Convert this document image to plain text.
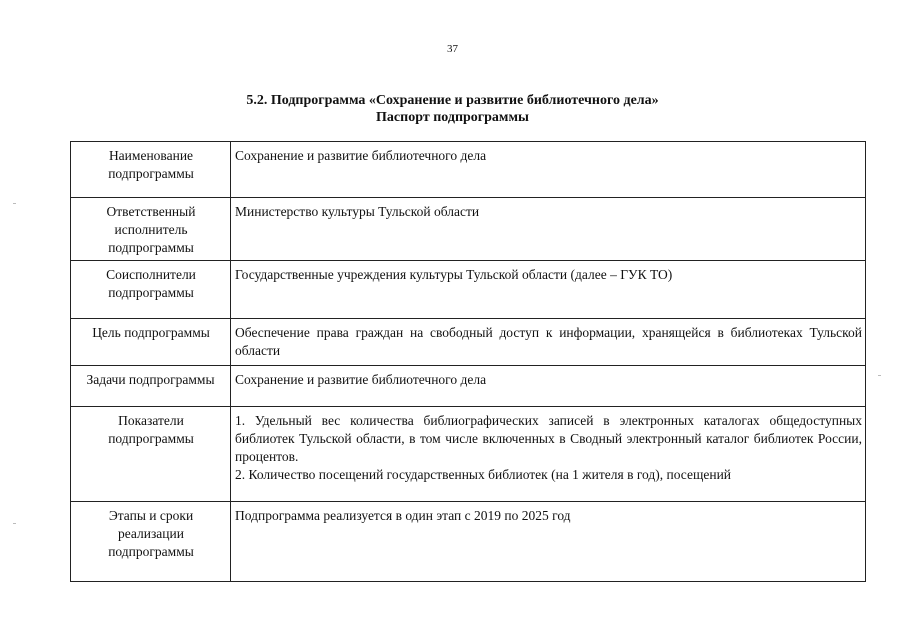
37
5.2. Подпрограмма «Сохранение и развитие библиотечного дела»
Паспорт подпрограммы
Наименование подпрограммы	Сохранение и развитие библиотечного дела
Ответственный исполнитель подпрограммы	Министерство культуры Тульской области
Соисполнители подпрограммы	Государственные учреждения культуры Тульской области (далее – ГУК ТО)
Цель подпрограммы	Обеспечение права граждан на свободный доступ к информации, хранящейся в библиотеках Тульской области
Задачи подпрограммы	Сохранение и развитие библиотечного дела
Показатели подпрограммы	1. Удельный вес количества библиографических записей в электронных каталогах общедоступных библиотек Тульской области, в том числе включенных в Сводный электронный каталог библиотек России, процентов.
2. Количество посещений государственных библиотек (на 1 жителя в год), посещений

Этапы и сроки реализации подпрограммы	Подпрограмма реализуется в один этап с 2019 по 2025 год
